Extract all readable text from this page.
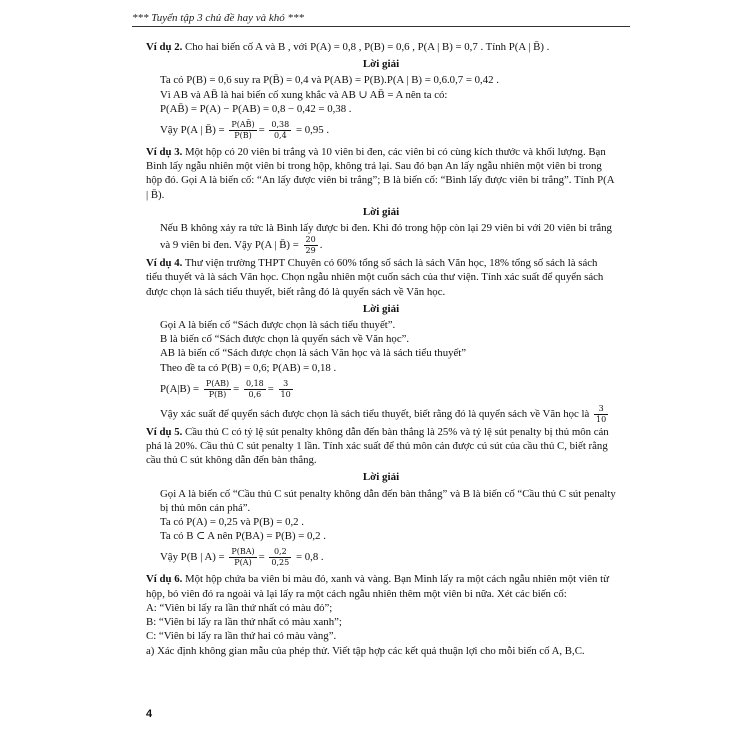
*** Tuyển tập 3 chủ đề hay và khó ***

Ví dụ 2. Cho hai biến cố A và B , với P(A) = 0,8 , P(B) = 0,6 , P(A | B) = 0,7 . Tính P(A | B̄) .

Lời giải

Ta có P(B) = 0,6 suy ra P(B̄) = 0,4 và P(AB) = P(B).P(A | B) = 0,6.0,7 = 0,42 .

Vì AB và AB̄ là hai biến cố xung khắc và AB ∪ AB̄ = A nên ta có:

P(AB̄) = P(A) − P(AB) = 0,8 − 0,42 = 0,38 .

Vậy P(A | B̄) = $\frac{P(AB̄)}{P(B̄)} = \frac{0,38}{0,4} = 0,95$ .

Ví dụ 3. Một hộp có 20 viên bi trắng và 10 viên bi đen, các viên bi có cùng kích thước và khối lượng. Bạn Bình lấy ngẫu nhiên một viên bi trong hộp, không trả lại. Sau đó bạn An lấy ngẫu nhiên một viên bi trong hộp đó. Gọi A là biến cố: “An lấy được viên bi trắng”; B là biến cố: “Bình lấy được viên bi trắng”. Tính P(A | B̄).

Lời giải

Nếu B không xảy ra tức là Bình lấy được bi đen. Khi đó trong hộp còn lại 29 viên bi với 20 viên bi trắng và 9 viên bi đen. Vậy P(A | B̄) = $\frac{20}{29}$ .

Ví dụ 4. Thư viện trường THPT Chuyên có 60% tổng số sách là sách Văn học, 18% tổng số sách là sách tiểu thuyết và là sách Văn học. Chọn ngẫu nhiên một cuốn sách của thư viện. Tính xác suất để quyển sách được chọn là sách tiểu thuyết, biết rằng đó là quyển sách về Văn học.

Lời giải

Gọi A là biến cố “Sách được chọn là sách tiểu thuyết”.

B là biến cố “Sách được chọn là quyển sách về Văn học”.

AB là biến cố “Sách được chọn là sách Văn học và là sách tiểu thuyết”

Theo đề ta có P(B) = 0,6; P(AB) = 0,18 .

$P(A|B) = \frac{P(AB)}{P(B)} = \frac{0,18}{0,6} = \frac{3}{10}$

Vậy xác suất để quyển sách được chọn là sách tiểu thuyết, biết rằng đó là quyển sách về Văn học là $\frac{3}{10}$

Ví dụ 5. Cầu thủ C có tỷ lệ sút penalty không dẫn đến bàn thắng là 25% và tỷ lệ sút penalty bị thủ môn cản phá là 20%. Cầu thủ C sút penalty 1 lần. Tính xác suất để thủ môn cản được cú sút của cầu thủ C, biết rằng cầu thủ C sút không dẫn đến bàn thắng.

Lời giải

Gọi A là biến cố “Cầu thủ C sút penalty không dẫn đến bàn thắng” và B là biến cố “Cầu thủ C sút penalty bị thủ môn cản phá”.

Ta có P(A) = 0,25 và P(B) = 0,2 .

Ta có B ⊂ A nên P(BA) = P(B) = 0,2 .

Vậy P(B | $A) = \frac{P(BA)}{P(A)} = \frac{0,2}{0,25} = 0,8$ .

Ví dụ 6. Một hộp chứa ba viên bi màu đỏ, xanh và vàng. Bạn Minh lấy ra một cách ngẫu nhiên một viên từ hộp, bỏ viên đó ra ngoài và lại lấy ra một cách ngẫu nhiên thêm một viên bi nữa. Xét các biến cố:

A: “Viên bi lấy ra lần thứ nhất có màu đỏ”;

B: “Viên bi lấy ra lần thứ nhất có màu xanh”;

C: “Viên bi lấy ra lần thứ hai có màu vàng”.

a) Xác định không gian mẫu của phép thử. Viết tập hợp các kết quả thuận lợi cho mỗi biến cố A, B,C.

4
